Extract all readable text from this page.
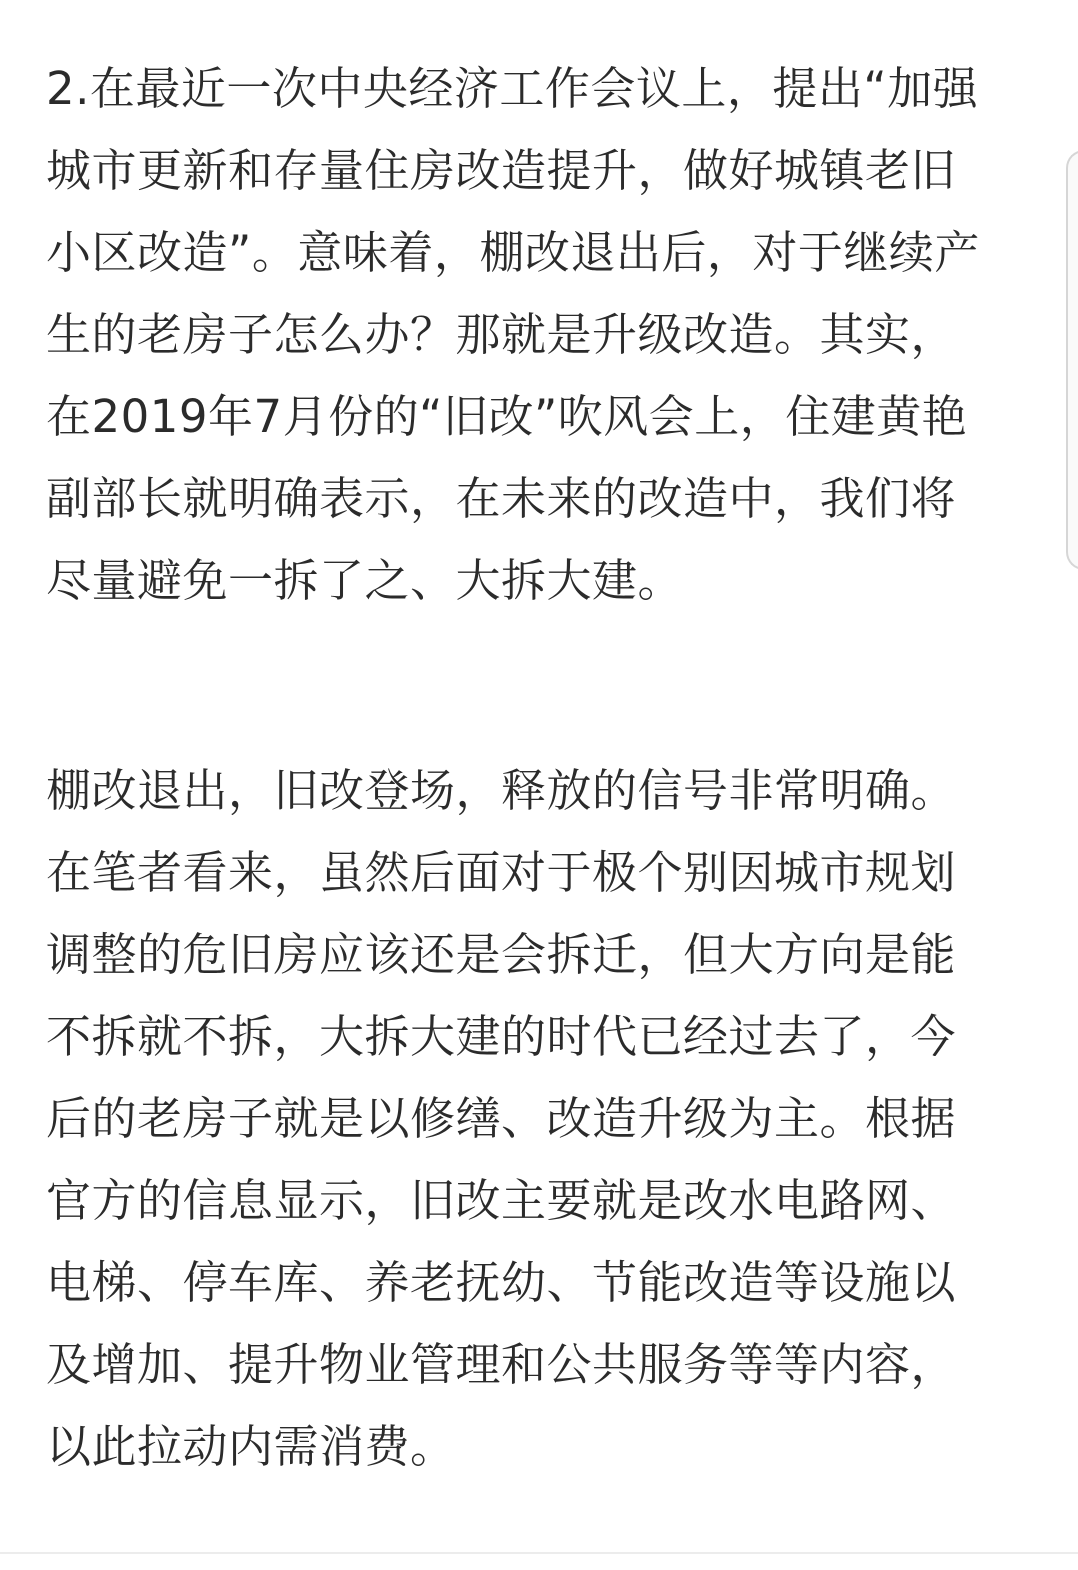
2.在最近一次中央经济工作会议上，提出“加强
城市更新和存量住房改造提升，做好城镇老旧
小区改造”。意味着，棚改退出后，对于继续产
生的老房子怎么办？那就是升级改造。其实，
在2019年7月份的“旧改”吹风会上，住建黄艳
副部长就明确表示，在未来的改造中，我们将
尽量避免一拆了之、大拆大建。
棚改退出，旧改登场，释放的信号非常明确。
在笔者看来，虽然后面对于极个别因城市规划
调整的危旧房应该还是会拆迁，但大方向是能
不拆就不拆，大拆大建的时代已经过去了，今
后的老房子就是以修缮、改造升级为主。根据
官方的信息显示，旧改主要就是改水电路网、
电梯、停车库、养老抚幼、节能改造等设施以
及增加、提升物业管理和公共服务等等内容，
以此拉动内需消费。
